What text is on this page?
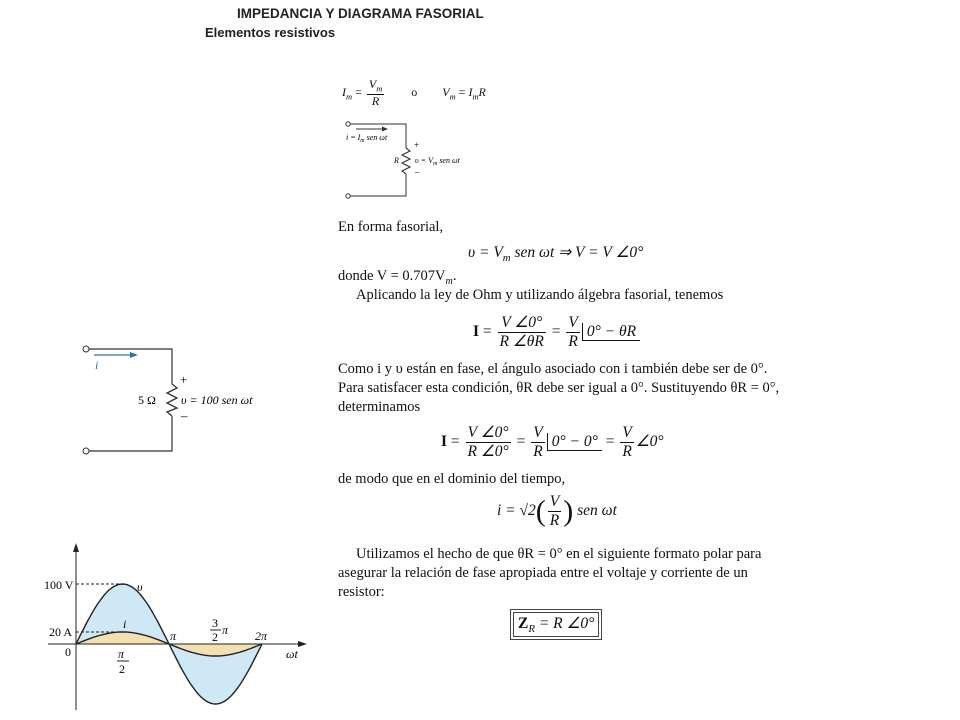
IMPEDANCIA Y DIAGRAMA FASORIAL
Elementos resistivos
$I_m = \frac{V_m}{R}$ o $V_m = I_mR$
$i = I_m$ sen ωt
+
–
R $\upsilon = V_m$ sen ωt
i
+
–
5 Ω υ = 100 sen ωt
En forma fasorial,
$\upsilon = V_m$ sen ωt ⇒ V = V ∠0°
donde $V = 0.707V_m$.
Aplicando la ley de Ohm y utilizando álgebra fasorial, tenemos
$I = \frac{V \angle 0^\circ}{R \angle\theta R} = \frac{V}{R} 0^\circ - \theta R$
Como i y υ están en fase, el ángulo asociado con i también debe ser de 0°.
Para satisfacer esta condición, θR debe ser igual a 0°. Sustituyendo θR = 0°,
determinamos
$I = \frac{V \angle 0^\circ}{R \angle 0^\circ} = \frac{V}{R} 0^\circ - 0^\circ = \frac{V}{R}$ ∠0°
de modo que en el dominio del tiempo,
$i = √2( \frac{V}{R}$ ) sen ωt
Utilizamos el hecho de que θR = 0° en el siguiente formato polar para
asegurar la relación de fase apropiada entre el voltaje y corriente de un
resistor:
$Z_R = R$ ∠0°
100 V
20 A
0
υ
i
π
2
π
3
2 π 2π
ωt
